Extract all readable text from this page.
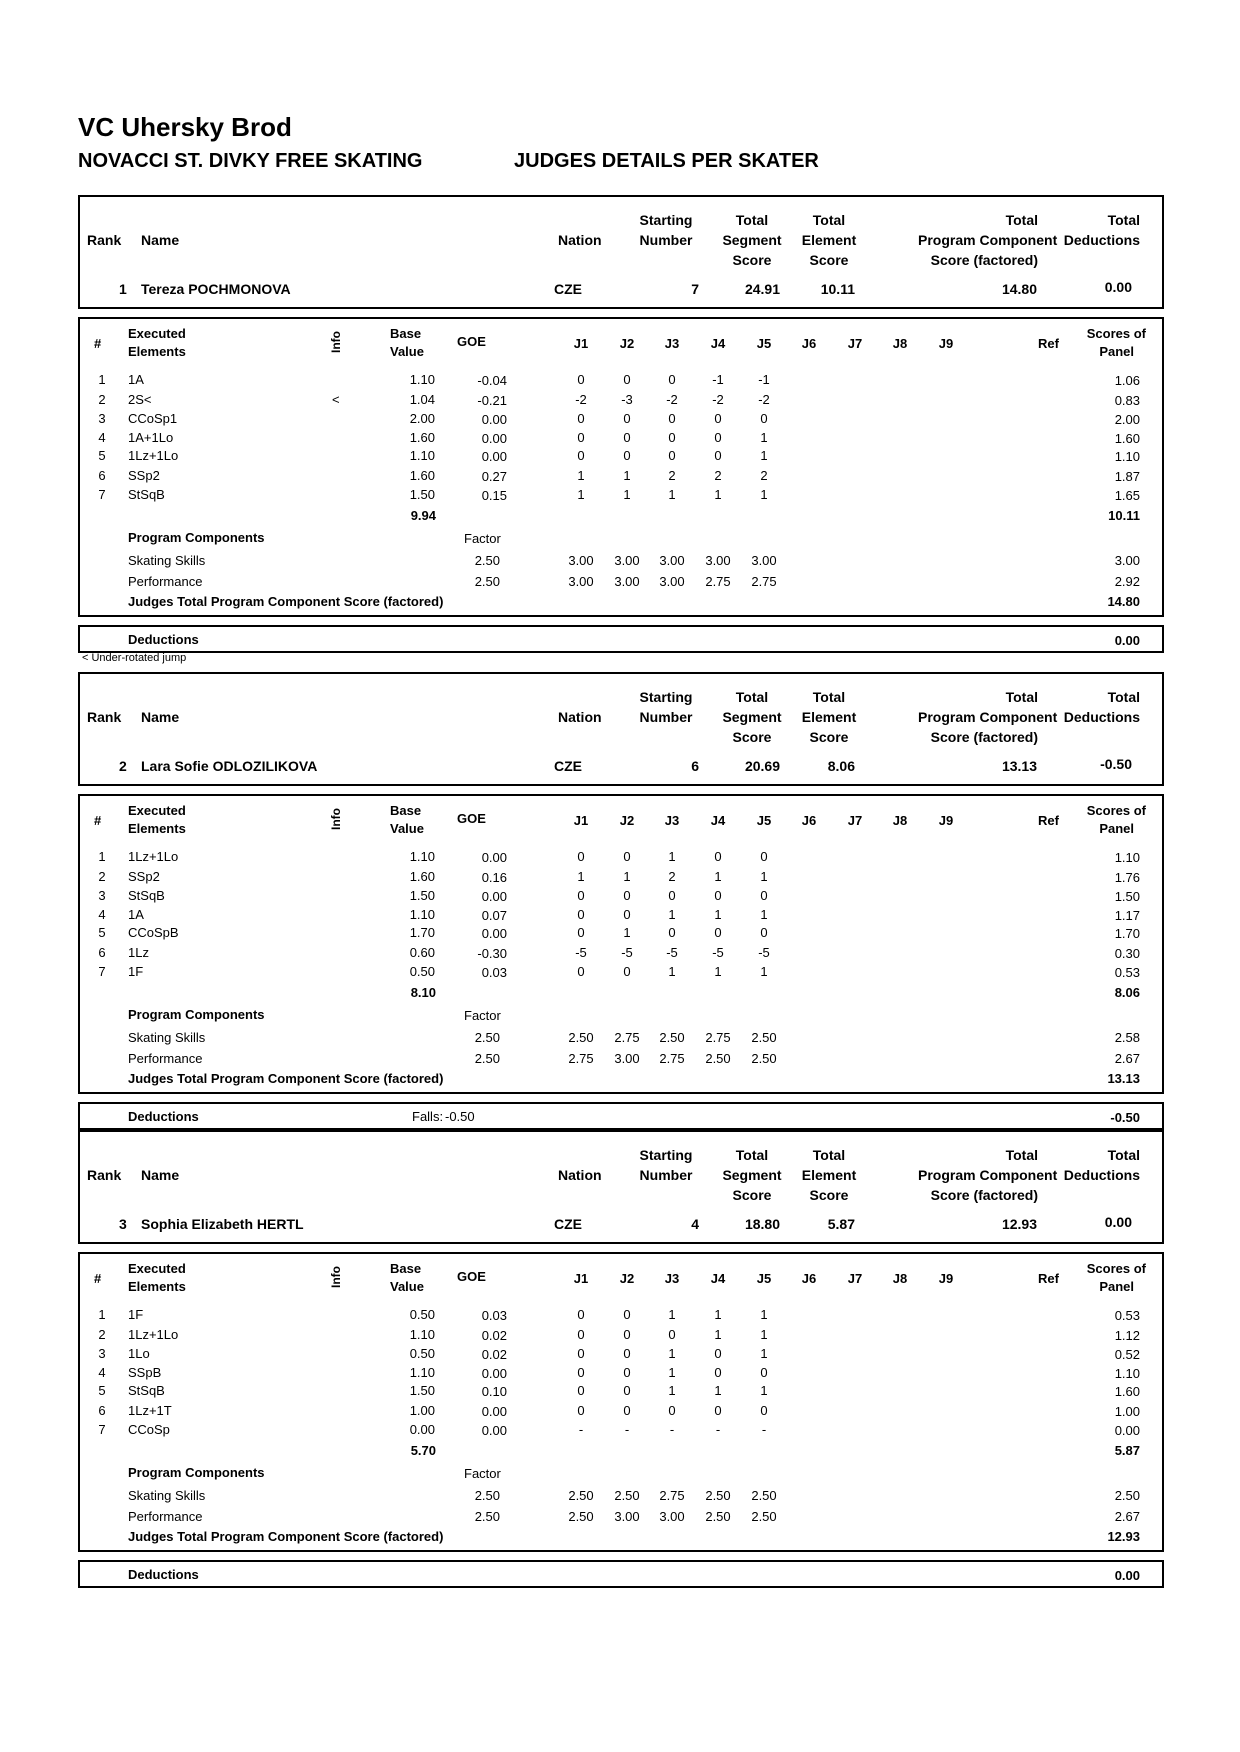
VC Uhersky Brod
NOVACCI ST. DIVKY FREE SKATING	JUDGES DETAILS PER SKATER
< Under-rotated jump
Rank Name	Nation
Starting
Number
Total
Segment
Score
Total
Element
Score
Total
Program Component
Score (factored)
Total
Deductions
1 Tereza POCHMONOVA	CZE	7	24.91	10.11	14.80	0.00
#
Executed
Elements	Info	Base
Value
GOE	J1	J2	J3	J4	J5	J6	J7	J8	J9	Ref
Scores of
Panel
1	1A	1.10	-0.04	0	0	0	-1	-1	1.06
2	2S<	<	1.04	-0.21	-2	-3	-2	-2	-2	0.83
3	CCoSp1	2.00	0.00	0	0	0	0	0	2.00
4	1A+1Lo	1.60	0.00	0	0	0	0	1	1.60
5	1Lz+1Lo	1.10	0.00	0	0	0	0	1	1.10
6	SSp2	1.60	0.27	1	1	2	2	2	1.87
7	StSqB	1.50	0.15	1	1	1	1	1	1.65
9.94	10.11
Program Components	Factor
Skating Skills	2.50	3.00	3.00	3.00	3.00	3.00	3.00
Performance	2.50	3.00	3.00	3.00	2.75	2.75	2.92
Judges Total Program Component Score (factored)	14.80
Deductions	0.00
Rank Name	Nation
Starting
Number
Total
Segment
Score
Total
Element
Score
Total
Program Component
Score (factored)
Total
Deductions
2 Lara Sofie ODLOZILIKOVA	CZE	6	20.69	8.06	13.13	-0.50
#
Executed
Elements	Info	Base
Value
GOE	J1	J2	J3	J4	J5	J6	J7	J8	J9	Ref
Scores of
Panel
1	1Lz+1Lo	1.10	0.00	0	0	1	0	0	1.10
2	SSp2	1.60	0.16	1	1	2	1	1	1.76
3	StSqB	1.50	0.00	0	0	0	0	0	1.50
4	1A	1.10	0.07	0	0	1	1	1	1.17
5	CCoSpB	1.70	0.00	0	1	0	0	0	1.70
6	1Lz	0.60	-0.30	-5	-5	-5	-5	-5	0.30
7	1F	0.50	0.03	0	0	1	1	1	0.53
8.10	8.06
Program Components	Factor
Skating Skills	2.50	2.50	2.75	2.50	2.75	2.50	2.58
Performance	2.50	2.75	3.00	2.75	2.50	2.50	2.67
Judges Total Program Component Score (factored)	13.13
Deductions	Falls: -0.50	-0.50
Rank Name	Nation
Starting
Number
Total
Segment
Score
Total
Element
Score
Total
Program Component
Score (factored)
Total
Deductions
3 Sophia Elizabeth HERTL	CZE	4	18.80	5.87	12.93	0.00
#
Executed
Elements	Info	Base
Value
GOE	J1	J2	J3	J4	J5	J6	J7	J8	J9	Ref
Scores of
Panel
1	1F	0.50	0.03	0	0	1	1	1	0.53
2	1Lz+1Lo	1.10	0.02	0	0	0	1	1	1.12
3	1Lo	0.50	0.02	0	0	1	0	1	0.52
4	SSpB	1.10	0.00	0	0	1	0	0	1.10
5	StSqB	1.50	0.10	0	0	1	1	1	1.60
6	1Lz+1T	1.00	0.00	0	0	0	0	0	1.00
7	CCoSp	0.00	0.00	-	-	-	-	-	0.00
5.70	5.87
Program Components	Factor
Skating Skills	2.50	2.50	2.50	2.75	2.50	2.50	2.50
Performance	2.50	2.50	3.00	3.00	2.50	2.50	2.67
Judges Total Program Component Score (factored)	12.93
Deductions	0.00
